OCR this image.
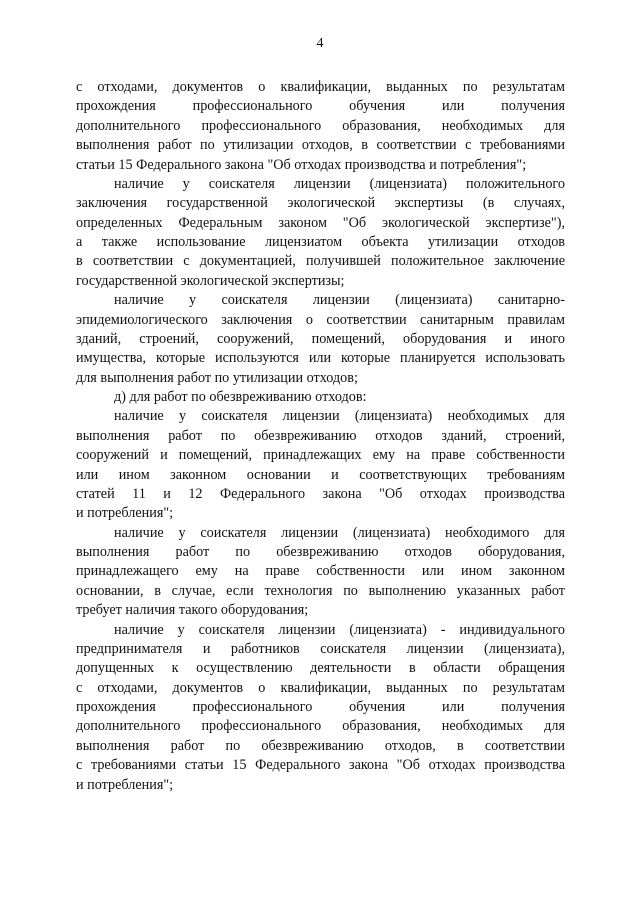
4
с отходами, документов о квалификации, выданных по результатам
прохождения профессионального обучения или получения
дополнительного профессионального образования, необходимых для
выполнения работ по утилизации отходов, в соответствии с требованиями
статьи 15 Федерального закона "Об отходах производства и потребления";
наличие у соискателя лицензии (лицензиата) положительного
заключения государственной экологической экспертизы (в случаях,
определенных Федеральным законом "Об экологической экспертизе"),
а также использование лицензиатом объекта утилизации отходов
в соответствии с документацией, получившей положительное заключение
государственной экологической экспертизы;
наличие у соискателя лицензии (лицензиата) санитарно-
эпидемиологического заключения о соответствии санитарным правилам
зданий, строений, сооружений, помещений, оборудования и иного
имущества, которые используются или которые планируется использовать
для выполнения работ по утилизации отходов;
д) для работ по обезвреживанию отходов:
наличие у соискателя лицензии (лицензиата) необходимых для
выполнения работ по обезвреживанию отходов зданий, строений,
сооружений и помещений, принадлежащих ему на праве собственности
или ином законном основании и соответствующих требованиям
статей 11 и 12 Федерального закона "Об отходах производства
и потребления";
наличие у соискателя лицензии (лицензиата) необходимого для
выполнения работ по обезвреживанию отходов оборудования,
принадлежащего ему на праве собственности или ином законном
основании, в случае, если технология по выполнению указанных работ
требует наличия такого оборудования;
наличие у соискателя лицензии (лицензиата) - индивидуального
предпринимателя и работников соискателя лицензии (лицензиата),
допущенных к осуществлению деятельности в области обращения
с отходами, документов о квалификации, выданных по результатам
прохождения профессионального обучения или получения
дополнительного профессионального образования, необходимых для
выполнения работ по обезвреживанию отходов, в соответствии
с требованиями статьи 15 Федерального закона "Об отходах производства
и потребления";
